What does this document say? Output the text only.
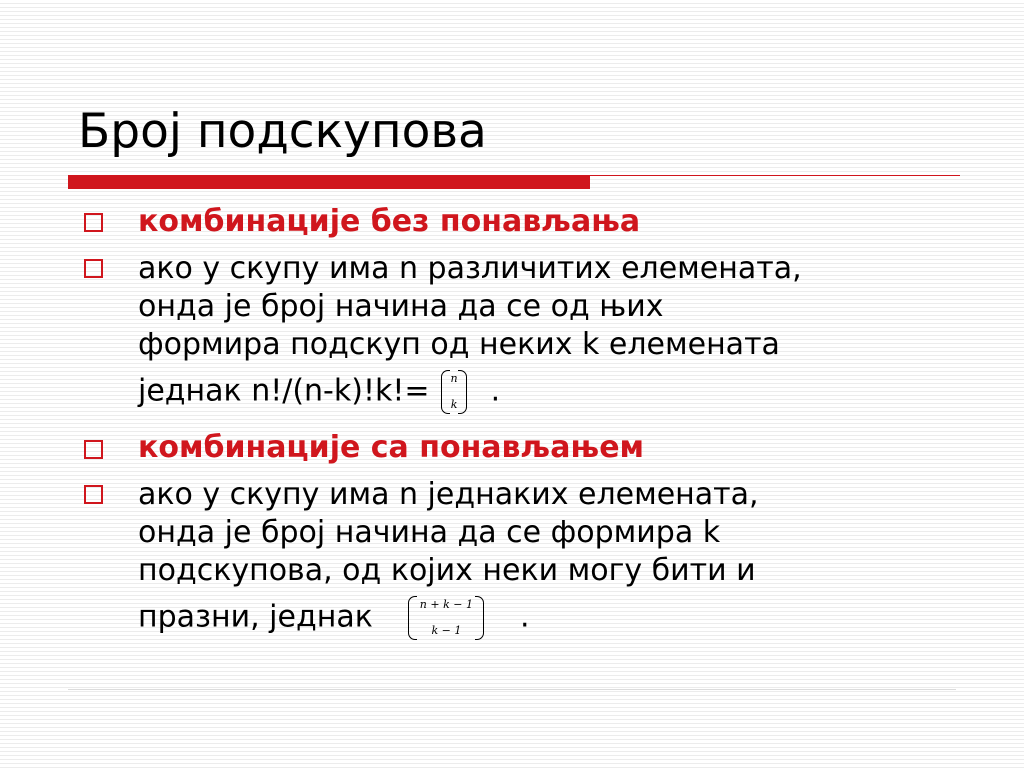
Број подскупова
комбинације без понављања
ако у скупу има n различитих елемената,
онда је број начина да се од њих
формира подскуп од неких k елемената
једнак n!/(n-k)!k!=	n
k	.
комбинације са понављањем
ако у скупу има n једнаких елемената,
онда је број начина да се формира k
подскупова, од којих неки могу бити и
празни, једнак	n + k − 1
k − 1	.
